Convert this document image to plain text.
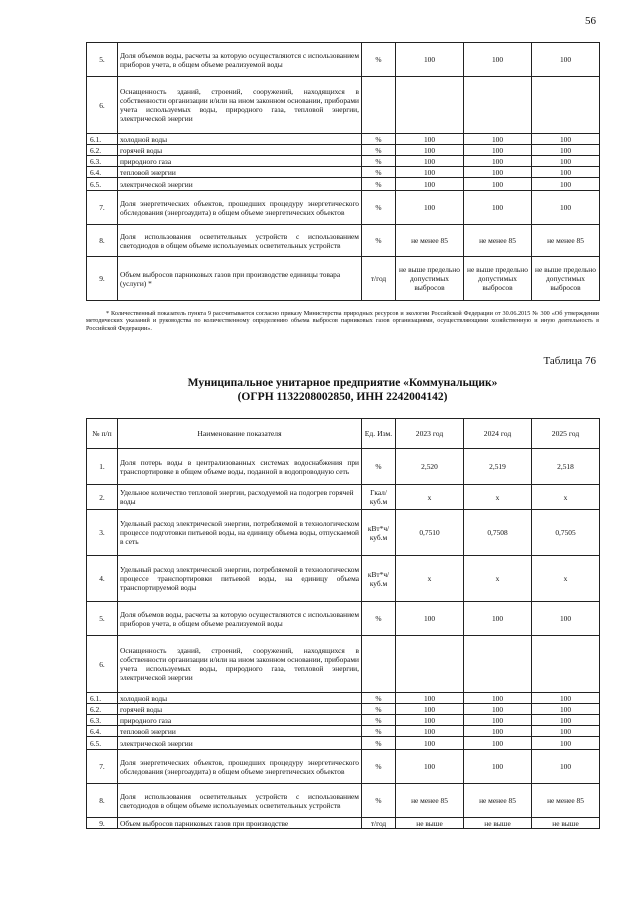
56
5.	Доля объемов воды, расчеты за которую осуществляются с использованием приборов учета, в общем объеме реализуемой воды	%	100	100	100
6.	Оснащенность зданий, строений, сооружений, находящихся в собственности организации и/или на ином законном основании, приборами учета используемых воды, природного газа, тепловой энергии, электрической энергии				
6.1.	холодной воды	%	100	100	100
6.2.	горячей воды	%	100	100	100
6.3.	природного газа	%	100	100	100
6.4.	тепловой энергии	%	100	100	100
6.5.	электрической энергии	%	100	100	100
7.	Доля энергетических объектов, прошедших процедуру энергетического обследования (энергоаудита) в общем объеме энергетических объектов	%	100	100	100
8.	Доля использования осветительных устройств с использованием светодиодов в общем объеме используемых осветительных устройств	%	не менее 85	не менее 85	не менее 85
9.	Объем выбросов парниковых газов при производстве единицы товара (услуги) *	т/год	не выше предельно допустимых выбросов	не выше предельно допустимых выбросов	не выше предельно допустимых выбросов
* Количественный показатель пункта 9 рассчитывается согласно приказу Министерства природных ресурсов и экологии Российской Федерации от 30.06.2015 № 300 «Об утверждении методических указаний и руководства по количественному определению объема выбросов парниковых газов организациями, осуществляющими хозяйственную и иную деятельность в Российской Федерации».
Таблица 76
Муниципальное унитарное предприятие «Коммунальщик»
(ОГРН 1132208002850, ИНН 2242004142)
№ п/п	Наименование показателя	Ед. Изм.	2023 год	2024 год	2025 год
1.	Доля потерь воды в централизованных системах водоснабжения при транспортировке в общем объеме воды, поданной в водопроводную сеть	%	2,520	2,519	2,518
2.	Удельное количество тепловой энергии, расходуемой на подогрев горячей воды	Гкал/ куб.м	x	x	x
3.	Удельный расход электрической энергии, потребляемой в технологическом процессе подготовки питьевой воды, на единицу объема воды, отпускаемой в сеть	кВт*ч/ куб.м	0,7510	0,7508	0,7505
4.	Удельный расход электрической энергии, потребляемой в технологическом процессе транспортировки питьевой воды, на единицу объема транспортируемой воды	кВт*ч/ куб.м	x	x	x
5.	Доля объемов воды, расчеты за которую осуществляются с использованием приборов учета, в общем объеме реализуемой воды	%	100	100	100
6.	Оснащенность зданий, строений, сооружений, находящихся в собственности организации и/или на ином законном основании, приборами учета используемых воды, природного газа, тепловой энергии, электрической энергии				
6.1.	холодной воды	%	100	100	100
6.2.	горячей воды	%	100	100	100
6.3.	природного газа	%	100	100	100
6.4.	тепловой энергии	%	100	100	100
6.5.	электрической энергии	%	100	100	100
7.	Доля энергетических объектов, прошедших процедуру энергетического обследования (энергоаудита) в общем объеме энергетических объектов	%	100	100	100
8.	Доля использования осветительных устройств с использованием светодиодов в общем объеме используемых осветительных устройств	%	не менее 85	не менее 85	не менее 85
9.	Объем выбросов парниковых газов при производстве	т/год	не выше	не выше	не выше
